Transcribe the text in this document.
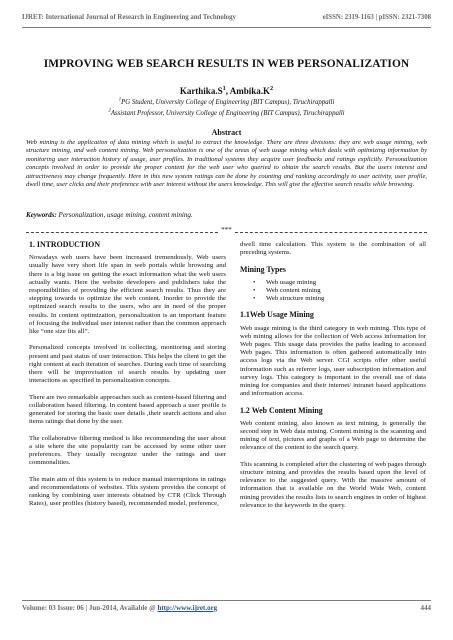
IJRET: International Journal of Research in Engineering and Technology	eISSN: 2319-1163 | pISSN: 2321-7308
IMPROVING WEB SEARCH RESULTS IN WEB PERSONALIZATION
$Karthika.S^1$, $Ambika.K^2$
$^1$PG Student, University College of Engineering (BIT Campus), Tiruchirappalli
$^2$Assistant Professor, University College of Engineering (BIT Campus), Tiruchirappalli
Abstract
Web mining is the application of data mining which is useful to extract the knowledge. There are three divisions: they are web usage mining, web structure mining, and web content mining. Web personalization is one of the areas of web usage mining which deals with optimizing information by monitoring user interaction history of usage, user profiles. In traditional systems they acquire user feedbacks and ratings explicitly. Personalization concepts involved in order to provide the proper content for the web user who queried to obtain the search results. But the users interest and attractiveness may change frequently. Here in this new system ratings can be done by counting and ranking accordingly to user activity, user profile, dwell time, user clicks and their preference with user interest without the users knowledge. This will give the effective search results while browsing.
Keywords: Personalization, usage mining, content mining.
***
1. INTRODUCTION

Nowadays web users have been increased tremendously. Web users usually have very short life span in web portals while browsing and there is a big issue on getting the exact information what the web users actually wants. Here the website developers and publishers take the responsibilities of providing the efficient search results. Thus they are stepping towards to optimize the web content. Inorder to provide the optimized search results to the users, who are in need of the proper results. In content optimization, personalization is an important feature of focusing the individual user interest rather than the common approach like “one size fits all”.

Personalized concepts involved in collecting, monitoring and storing present and past status of user interaction. This helps the client to get the right content at each iteration of searches. During each time of searching there will be improvisation of search results by updating user interactions as specified in personalization concepts.

There are two remarkable approaches such as content-based filtering and collaboration based filtering. In content based approach a user profile is generated for storing the basic user details ,their search actions and also items ratings that done by the user.

The collaborative filtering method is like recommending the user about a site where the site popularity can be accessed by some other user preferences. They usually recognize under the ratings and user commonalities.

The main aim of this system is to reduce manual interruptions in ratings and recommendations of websites. This system provides the concept of ranking by combining user interests obtained by CTR (Click Through Rates), user profiles (history based), recommended model, preference,

dwell time calculation. This system is the combination of all preceding systems.

Mining Types
• Web usage mining
• Web content mining
• Web structure mining
1.1Web Usage Mining

Web usage mining is the third category in web mining. This type of web mining allows for the collection of Web access information for Web pages. This usage data provides the paths leading to accessed Web pages. This information is often gathered automatically into access logs via the Web server. CGI scripts offer other useful information such as referrer logs, user subscription information and survey logs. This category is important to the overall use of data mining for companies and their internet/ intranet based applications and information access.

1.2 Web Content Mining

Web content mining, also known as text mining, is generally the second step in Web data mining. Content mining is the scanning and mining of text, pictures and graphs of a Web page to determine the relevance of the content to the search query.

This scanning is completed after the clustering of web pages through structure mining and provides the results based upon the level of relevance to the suggested query. With the massive amount of information that is available on the World Wide Web, content mining provides the results lists to search engines in order of highest relevance to the keywords in the query.

Volume: 03 Issue: 06 | Jun-2014, Available @ http://www.ijret.org	444
